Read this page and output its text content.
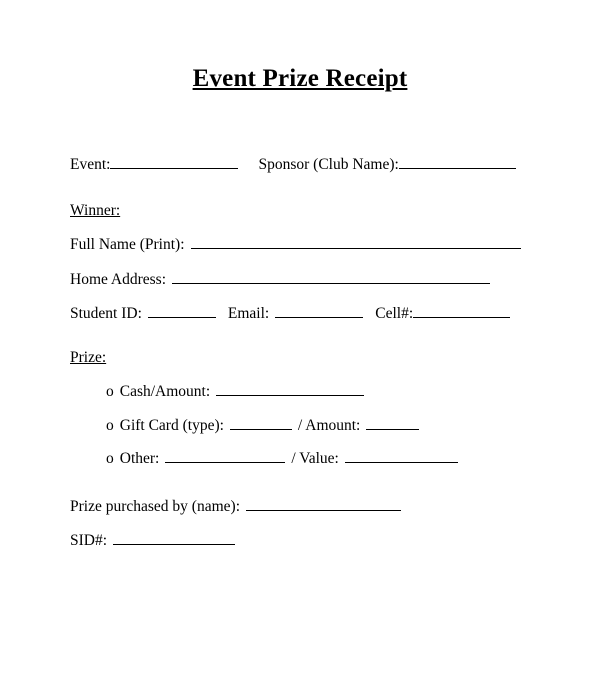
Event Prize Receipt
Event:	Sponsor (Club Name):
Winner:
Full Name (Print):
Home Address:
Student ID:	Email:	Cell#:
Prize:
o Cash/Amount:
o Gift Card (type):	/ Amount:
o Other:	/ Value:
Prize purchased by (name):
SID#:
